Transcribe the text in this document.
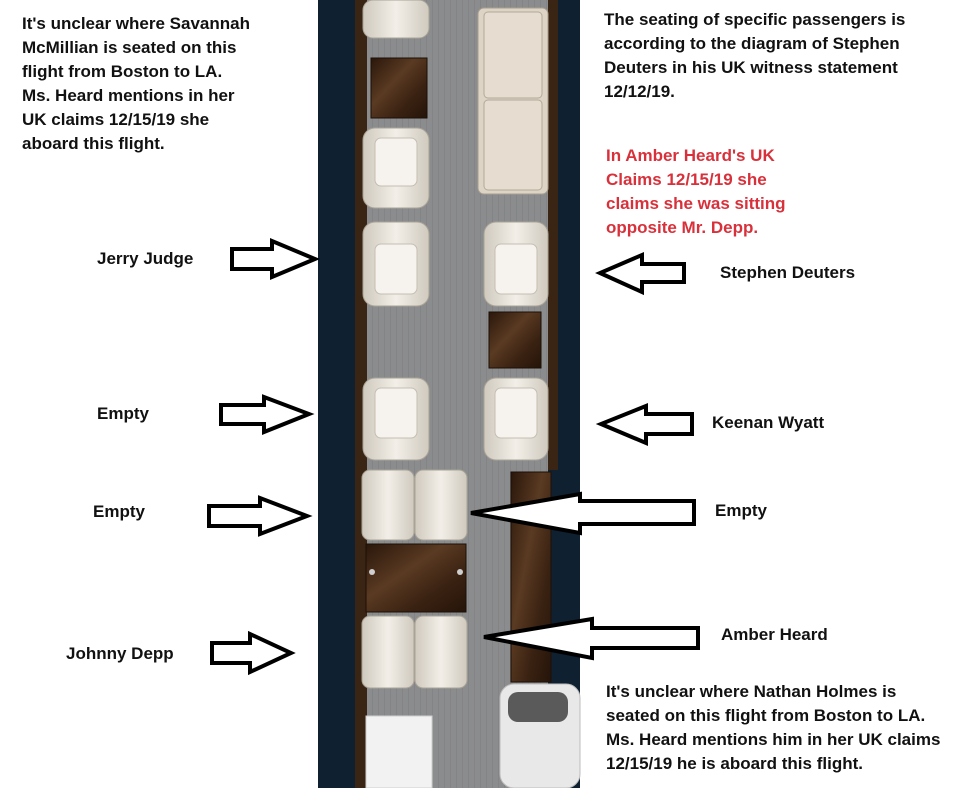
It's unclear where Savannah McMillian is seated on this flight from Boston to LA. Ms. Heard mentions in her UK claims 12/15/19 she aboard this flight.
The seating of specific passengers is according to the diagram of Stephen Deuters in his UK witness statement 12/12/19.
In Amber Heard's UK Claims 12/15/19 she claims she was sitting opposite Mr. Depp.
It's unclear where Nathan Holmes is seated on this flight from Boston to LA. Ms. Heard mentions him in her UK claims 12/15/19 he is aboard this flight.
Jerry Judge
Empty
Empty
Johnny Depp
Stephen Deuters
Keenan Wyatt
Empty
Amber Heard
